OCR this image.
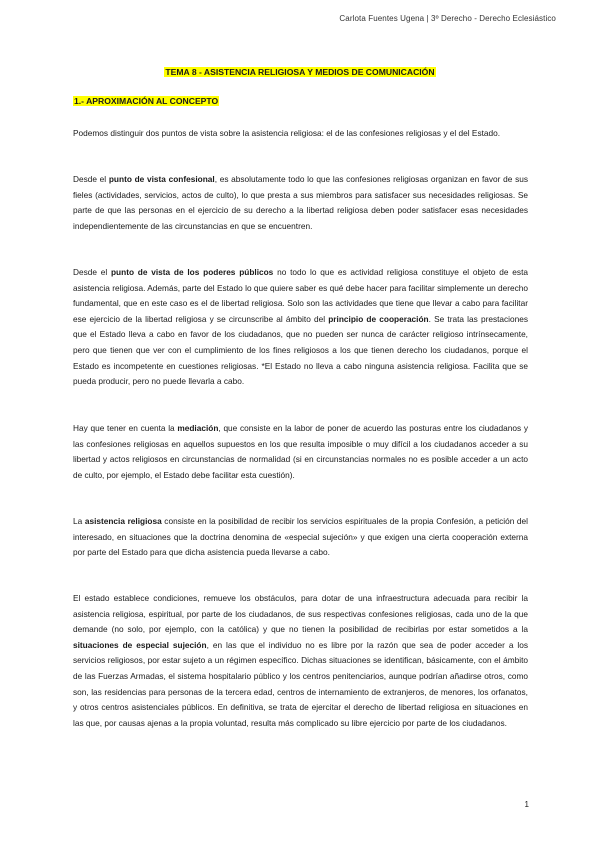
Carlota Fuentes Ugena | 3º Derecho - Derecho Eclesiástico
TEMA 8 - ASISTENCIA RELIGIOSA Y MEDIOS DE COMUNICACIÓN
1.- APROXIMACIÓN AL CONCEPTO

Podemos distinguir dos puntos de vista sobre la asistencia religiosa: el de las confesiones religiosas y el del Estado.

Desde el punto de vista confesional, es absolutamente todo lo que las confesiones religiosas organizan en favor de sus fieles (actividades, servicios, actos de culto), lo que presta a sus miembros para satisfacer sus necesidades religiosas. Se parte de que las personas en el ejercicio de su derecho a la libertad religiosa deben poder satisfacer esas necesidades independientemente de las circunstancias en que se encuentren.

Desde el punto de vista de los poderes públicos no todo lo que es actividad religiosa constituye el objeto de esta asistencia religiosa. Además, parte del Estado lo que quiere saber es qué debe hacer para facilitar simplemente un derecho fundamental, que en este caso es el de libertad religiosa. Solo son las actividades que tiene que llevar a cabo para facilitar ese ejercicio de la libertad religiosa y se circunscribe al ámbito del principio de cooperación. Se trata las prestaciones que el Estado lleva a cabo en favor de los ciudadanos, que no pueden ser nunca de carácter religioso intrínsecamente, pero que tienen que ver con el cumplimiento de los fines religiosos a los que tienen derecho los ciudadanos, porque el Estado es incompetente en cuestiones religiosas. *El Estado no lleva a cabo ninguna asistencia religiosa. Facilita que se pueda producir, pero no puede llevarla a cabo.

Hay que tener en cuenta la mediación, que consiste en la labor de poner de acuerdo las posturas entre los ciudadanos y las confesiones religiosas en aquellos supuestos en los que resulta imposible o muy difícil a los ciudadanos acceder a su libertad y actos religiosos en circunstancias de normalidad (si en circunstancias normales no es posible acceder a un acto de culto, por ejemplo, el Estado debe facilitar esta cuestión).

La asistencia religiosa consiste en la posibilidad de recibir los servicios espirituales de la propia Confesión, a petición del interesado, en situaciones que la doctrina denomina de «especial sujeción» y que exigen una cierta cooperación externa por parte del Estado para que dicha asistencia pueda llevarse a cabo.

El estado establece condiciones, remueve los obstáculos, para dotar de una infraestructura adecuada para recibir la asistencia religiosa, espiritual, por parte de los ciudadanos, de sus respectivas confesiones religiosas, cada uno de la que demande (no solo, por ejemplo, con la católica) y que no tienen la posibilidad de recibirlas por estar sometidos a la situaciones de especial sujeción, en las que el individuo no es libre por la razón que sea de poder acceder a los servicios religiosos, por estar sujeto a un régimen específico. Dichas situaciones se identifican, básicamente, con el ámbito de las Fuerzas Armadas, el sistema hospitalario público y los centros penitenciarios, aunque podrían añadirse otros, como son, las residencias para personas de la tercera edad, centros de internamiento de extranjeros, de menores, los orfanatos, y otros centros asistenciales públicos. En definitiva, se trata de ejercitar el derecho de libertad religiosa en situaciones en las que, por causas ajenas a la propia voluntad, resulta más complicado su libre ejercicio por parte de los ciudadanos.

1
